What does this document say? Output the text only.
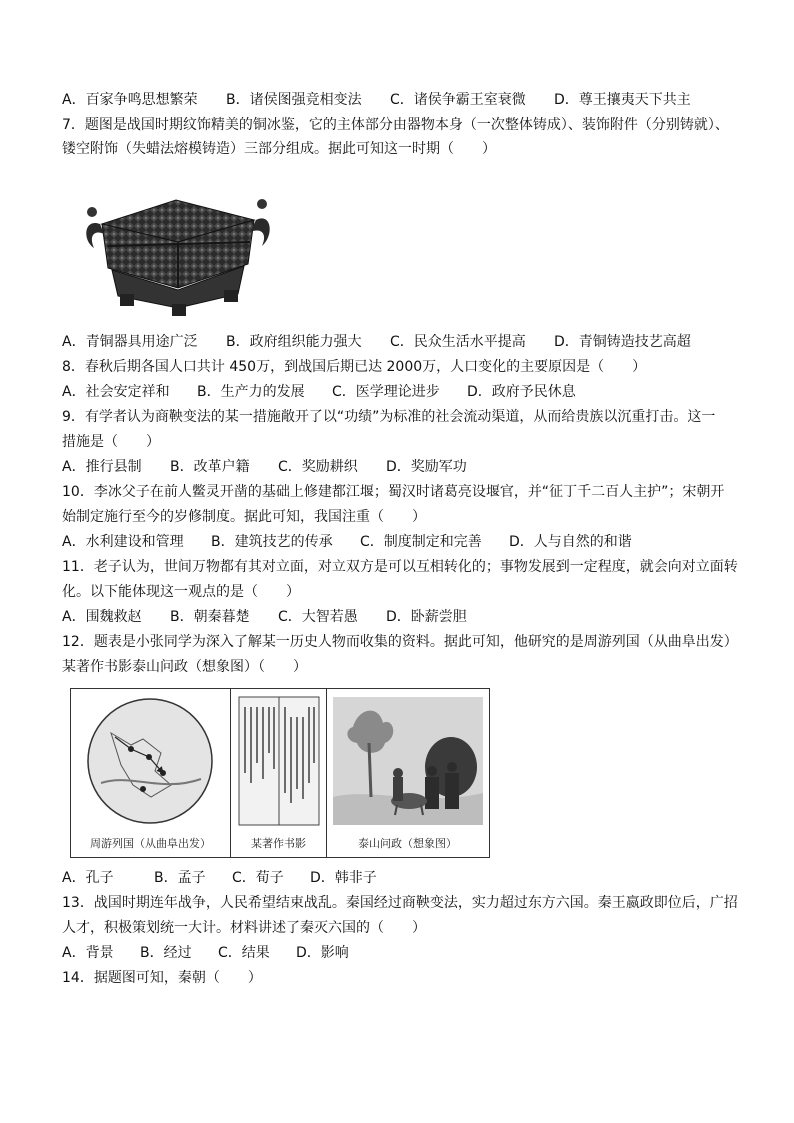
A．百家争鸣思想繁荣 B．诸侯图强竞相变法 C．诸侯争霸王室衰微 D．尊王攘夷天下共主
7．题图是战国时期纹饰精美的铜冰鉴，它的主体部分由器物本身（一次整体铸成）、装饰附件（分别铸就）、
镂空附饰（失蜡法熔模铸造）三部分组成。据此可知这一时期（　　）
A．青铜器具用途广泛 B．政府组织能力强大 C．民众生活水平提高 D．青铜铸造技艺高超
8．春秋后期各国人口共计 450万，到战国后期已达 2000万，人口变化的主要原因是（　　）
A．社会安定祥和 B．生产力的发展 C．医学理论进步 D．政府予民休息
9．有学者认为商鞅变法的某一措施敞开了以“功绩”为标准的社会流动渠道，从而给贵族以沉重打击。这一
措施是（　　）
A．推行县制 B．改革户籍 C．奖励耕织 D．奖励军功
10．李冰父子在前人鳖灵开凿的基础上修建都江堰；蜀汉时诸葛亮设堰官，并“征丁千二百人主护”；宋朝开
始制定施行至今的岁修制度。据此可知，我国注重（　　）
A．水利建设和管理 B．建筑技艺的传承 C．制度制定和完善 D．人与自然的和谐
11．老子认为，世间万物都有其对立面，对立双方是可以互相转化的；事物发展到一定程度，就会向对立面转
化。以下能体现这一观点的是（　　）
A．围魏救赵 B．朝秦暮楚 C．大智若愚 D．卧薪尝胆
12．题表是小张同学为深入了解某一历史人物而收集的资料。据此可知，他研究的是周游列国（从曲阜出发）
某著作书影泰山问政（想象图）（　　）
周游列国（从曲阜出发）	某著作书影	泰山问政（想象图）
A．孔子	B．孟子 C．荀子 D．韩非子
13．战国时期连年战争，人民希望结束战乱。秦国经过商鞅变法，实力超过东方六国。秦王嬴政即位后，广招
人才，积极策划统一大计。材料讲述了秦灭六国的（　　）
A．背景 B．经过 C．结果 D．影响
14．据题图可知，秦朝（　　）
